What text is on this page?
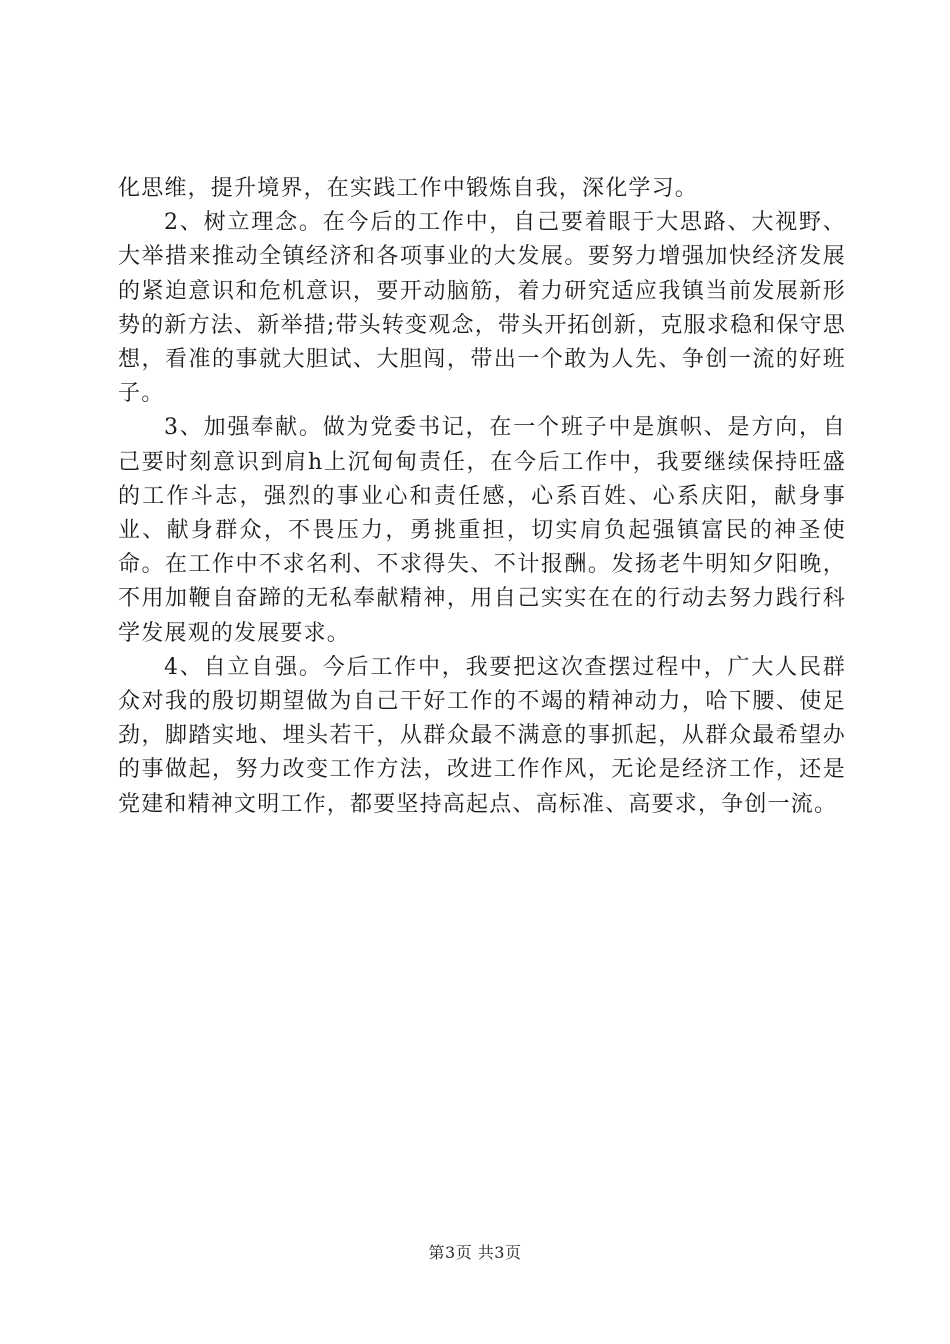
化思维，提升境界，在实践工作中锻炼自我，深化学习。

2、树立理念。在今后的工作中，自己要着眼于大思路、大视野、大举措来推动全镇经济和各项事业的大发展。要努力增强加快经济发展的紧迫意识和危机意识，要开动脑筋，着力研究适应我镇当前发展新形势的新方法、新举措;带头转变观念，带头开拓创新，克服求稳和保守思想，看准的事就大胆试、大胆闯，带出一个敢为人先、争创一流的好班子。

3、加强奉献。做为党委书记，在一个班子中是旗帜、是方向，自己要时刻意识到肩h上沉甸甸责任，在今后工作中，我要继续保持旺盛的工作斗志，强烈的事业心和责任感，心系百姓、心系庆阳，献身事业、献身群众，不畏压力，勇挑重担，切实肩负起强镇富民的神圣使命。在工作中不求名利、不求得失、不计报酬。发扬老牛明知夕阳晚，不用加鞭自奋蹄的无私奉献精神，用自己实实在在的行动去努力践行科学发展观的发展要求。

4、自立自强。今后工作中，我要把这次查摆过程中，广大人民群众对我的殷切期望做为自己干好工作的不竭的精神动力，哈下腰、使足劲，脚踏实地、埋头若干，从群众最不满意的事抓起，从群众最希望办的事做起，努力改变工作方法，改进工作作风，无论是经济工作，还是党建和精神文明工作，都要坚持高起点、高标准、高要求，争创一流。

第3页 共3页
